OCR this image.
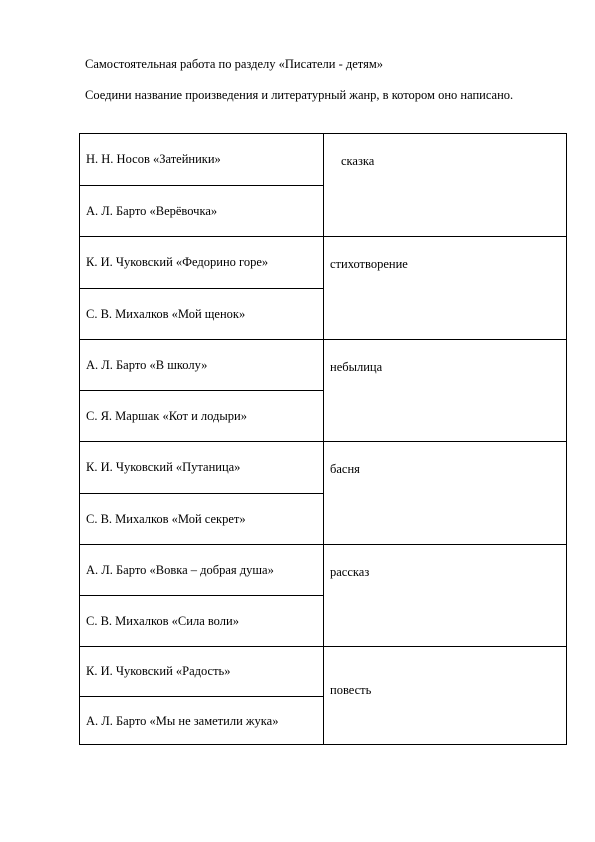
Самостоятельная работа по разделу «Писатели - детям»
Соедини название произведения и литературный жанр, в котором оно написано.
Н. Н. Носов «Затейники»
А. Л. Барто «Верёвочка»
К. И. Чуковский «Федорино горе»
С. В. Михалков «Мой щенок»
А. Л. Барто «В школу»
С. Я. Маршак «Кот и лодыри»
К. И. Чуковский «Путаница»
С. В. Михалков «Мой секрет»
А. Л. Барто «Вовка – добрая душа»
С. В. Михалков «Сила воли»
К. И. Чуковский «Радость»
А. Л. Барто «Мы не заметили жука»
сказка
стихотворение
небылица
басня
рассказ
повесть
